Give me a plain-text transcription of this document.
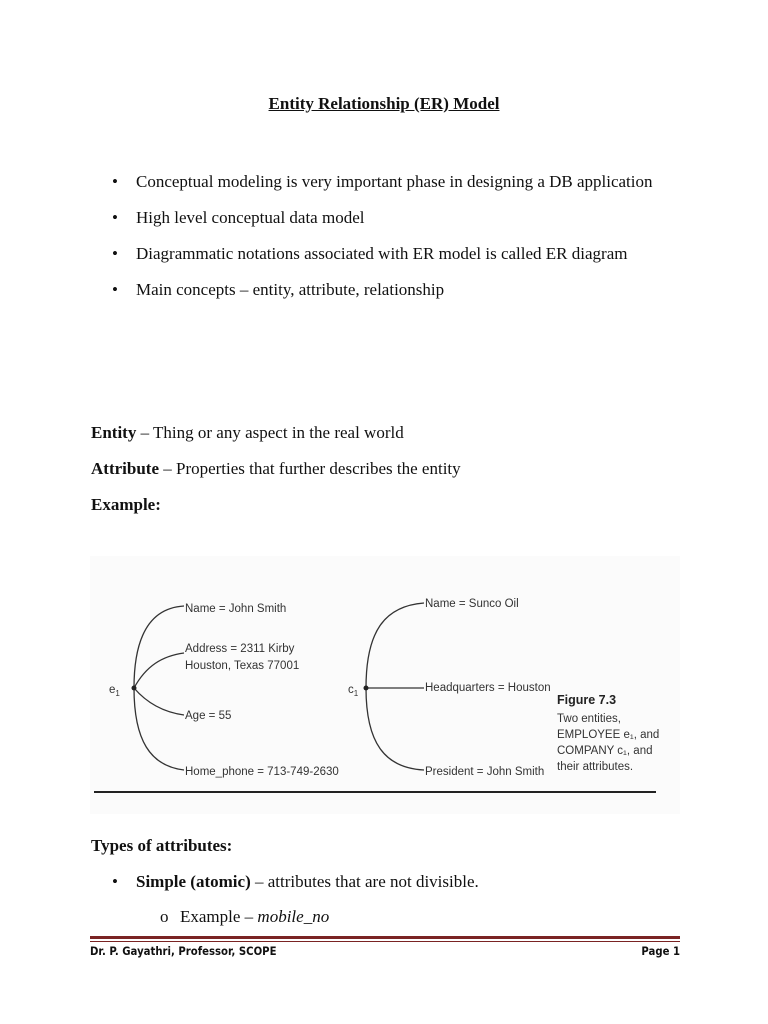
Entity Relationship (ER) Model
• Conceptual modeling is very important phase in designing a DB application
• High level conceptual data model
• Diagrammatic notations associated with ER model is called ER diagram
• Main concepts – entity, attribute, relationship
Entity – Thing or any aspect in the real world
Attribute – Properties that further describes the entity
Example:
$e_1$
Name = John Smith
Address = 2311 Kirby
Houston, Texas 77001
Age = 55
Home_phone = 713-749-2630
$c_1$
Name = Sunco Oil
Headquarters = Houston
President = John Smith
Figure 7.3
Two entities,
EMPLOYEE e₁, and
COMPANY c₁, and
their attributes.
Types of attributes:
• Simple (atomic) – attributes that are not divisible.
o Example – mobile_no
Dr. P. Gayathri, Professor, SCOPE	Page 1
